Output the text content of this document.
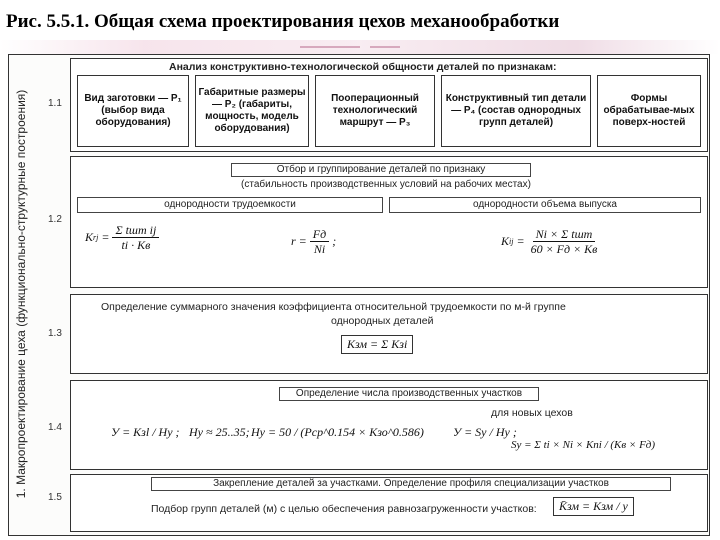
Рис. 5.5.1. Общая схема проектирования цехов механообработки
1. Макропроектирование цеха (функционально-структурные построения) 1.1
Анализ конструктивно-технологической общности деталей по признакам:
Вид заготовки — P₁ (выбор вида оборудования)
Габаритные размеры — P₂ (габариты, мощность, модель оборудования)
Пооперационный технологический маршрут — P₃
Конструктивный тип детали — P₄ (состав однородных групп деталей)
Формы обрабатывае-мых поверх-ностей
1.2
Отбор и группирование деталей по признаку
(стабильность производственных условий на рабочих местах)
однородности трудоемкости	однородности объема выпуска
K rj = $\frac{\text{Σ tшт ij}}{ti \cdot Kв}$	$r = \frac{Fд}{Ni}$ ;	K ij = $\frac{\text{Ni × Σ tшт}}{60 \times Fд \times Kв}$
1.3
Определение суммарного значения коэффициента относительной трудоемкости по м-й группе
однородных деталей
Kзм = Σ Kзi
1.4
Определение числа производственных участков
для новых цехов
У = Kзl / Hу ; Hу ≈ 25..35; Hу = 50 / (Pср^0.154 × Kзо^0.586) У = Sy / Hy ;
Sy = Σ ti × Ni × Kпi / (Kв × Fд)
1.5
Закрепление деталей за участками. Определение профиля специализации участков
Подбор групп деталей (м) с целью обеспечения равнозагруженности участков:	K̄зм = Kзм / у
